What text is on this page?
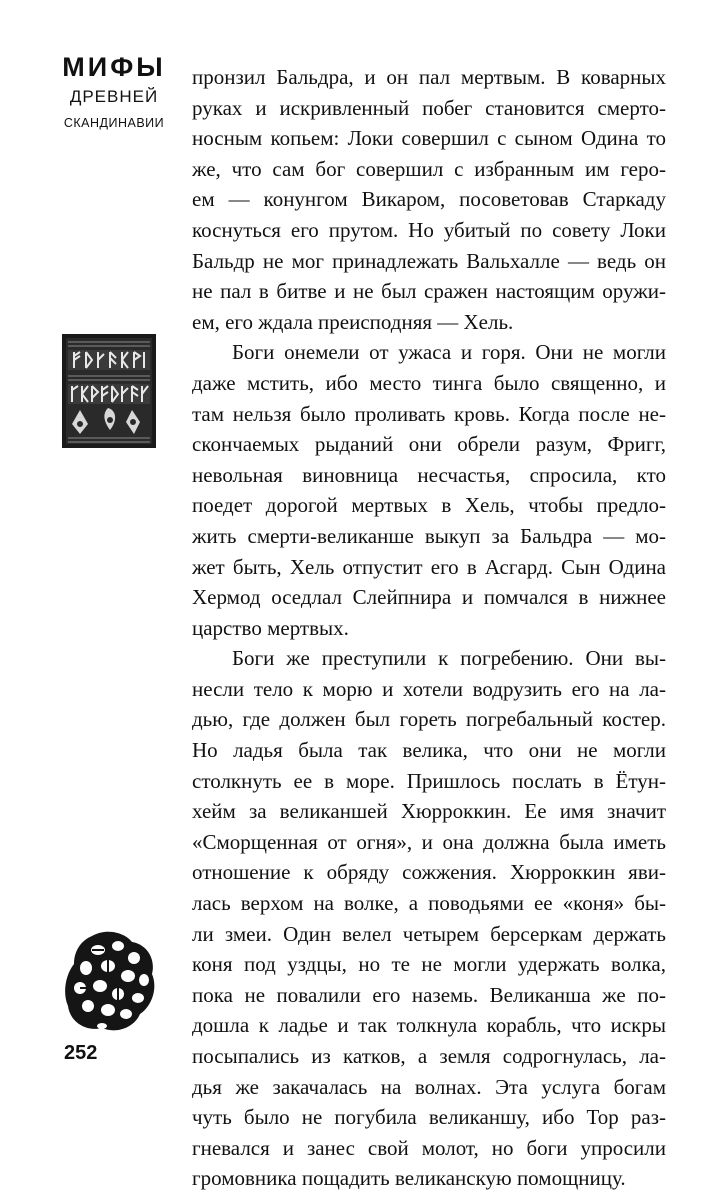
МИФЫ
ДРЕВНЕЙ
СКАНДИНАВИИ

пронзил Бальдра, и он пал мертвым. В коварных
руках и искривленный побег становится смерто-
носным копьем: Локи совершил с сыном Одина то
же, что сам бог совершил с избранным им геро-
ем — конунгом Викаром, посоветовав Старкаду
коснуться его прутом. Но убитый по совету Локи
Бальдр не мог принадлежать Вальхалле — ведь он
не пал в битве и не был сражен настоящим оружи-
ем, его ждала преисподняя — Хель.

Боги онемели от ужаса и горя. Они не могли
даже мстить, ибо место тинга было священно, и
там нельзя было проливать кровь. Когда после не-
скончаемых рыданий они обрели разум, Фригг,
невольная виновница несчастья, спросила, кто
поедет дорогой мертвых в Хель, чтобы предло-
жить смерти-великанше выкуп за Бальдра — мо-
жет быть, Хель отпустит его в Асгард. Сын Одина
Хермод оседлал Слейпнира и помчался в нижнее
царство мертвых.

Боги же преступили к погребению. Они вы-
несли тело к морю и хотели водрузить его на ла-
дью, где должен был гореть погребальный костер.
Но ладья была так велика, что они не могли
столкнуть ее в море. Пришлось послать в Ётун-
хейм за великаншей Хюрроккин. Ее имя значит
«Сморщенная от огня», и она должна была иметь
отношение к обряду сожжения. Хюрроккин яви-
лась верхом на волке, а поводьями ее «коня» бы-
ли змеи. Один велел четырем берсеркам держать
коня под уздцы, но те не могли удержать волка,
пока не повалили его наземь. Великанша же по-
дошла к ладье и так толкнула корабль, что искры
посыпались из катков, а земля содрогнулась, ла-
дья же закачалась на волнах. Эта услуга богам
чуть было не погубила великаншу, ибо Тор раз-
гневался и занес свой молот, но боги упросили
громовника пощадить великанскую помощницу.

252
